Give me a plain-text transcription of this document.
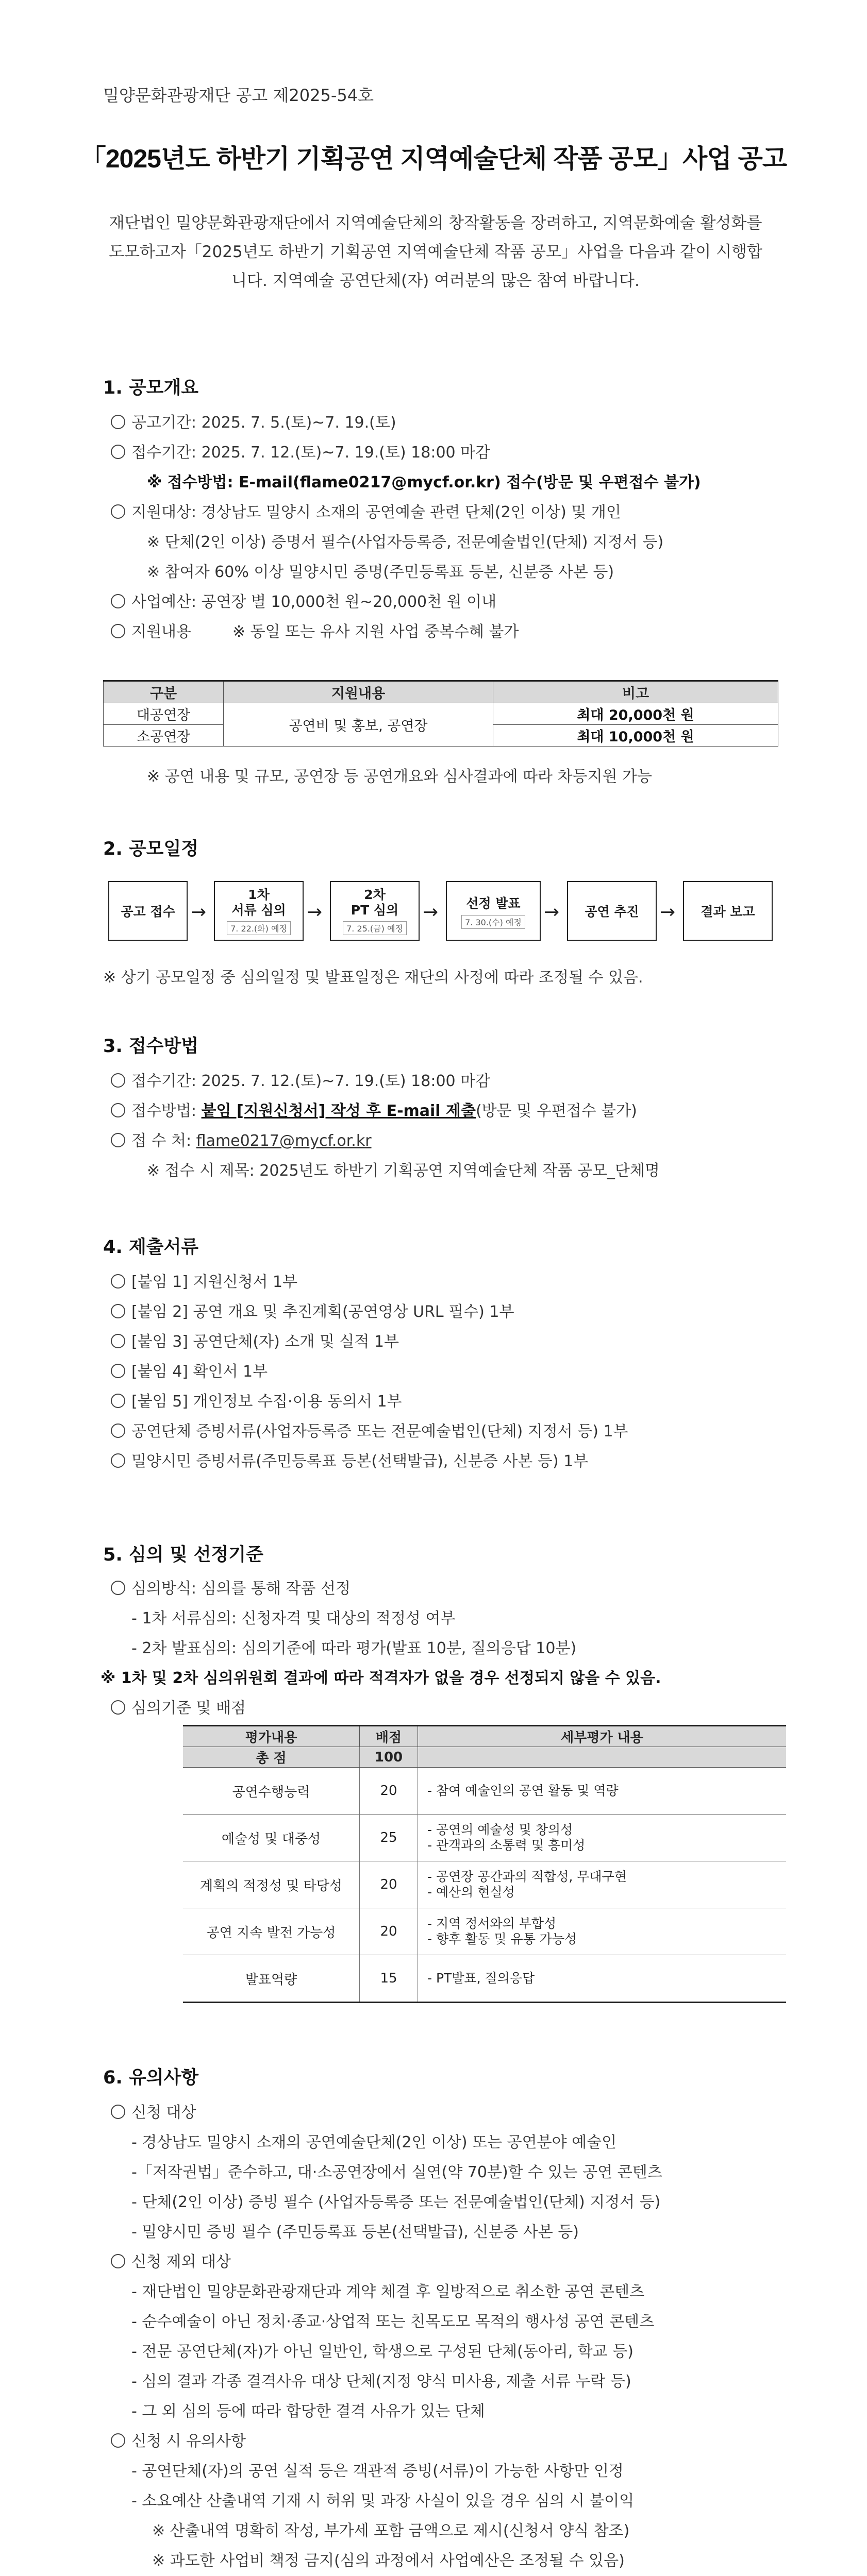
밀양문화관광재단 공고 제2025-54호
「2025년도 하반기 기획공연 지역예술단체 작품 공모」사업 공고
재단법인 밀양문화관광재단에서 지역예술단체의 창작활동을 장려하고, 지역문화예술 활성화를 도모하고자「2025년도 하반기 기획공연 지역예술단체 작품 공모」사업을 다음과 같이 시행합니다. 지역예술 공연단체(자) 여러분의 많은 참여 바랍니다.
1. 공모개요
공고기간: 2025. 7. 5.(토)~7. 19.(토)
접수기간: 2025. 7. 12.(토)~7. 19.(토) 18:00 마감
※ 접수방법: E-mail(flame0217@mycf.or.kr) 접수(방문 및 우편접수 불가)
지원대상: 경상남도 밀양시 소재의 공연예술 관련 단체(2인 이상) 및 개인
※ 단체(2인 이상) 증명서 필수(사업자등록증, 전문예술법인(단체) 지정서 등)
※ 참여자 60% 이상 밀양시민 증명(주민등록표 등본, 신분증 사본 등)
사업예산: 공연장 별 10,000천 원~20,000천 원 이내
지원내용	※ 동일 또는 유사 지원 사업 중복수혜 불가
구분	지원내용	비고
대공연장	공연비 및 홍보, 공연장	최대 20,000천 원
소공연장		최대 10,000천 원
※ 공연 내용 및 규모, 공연장 등 공연개요와 심사결과에 따라 차등지원 가능
2. 공모일정
공고 접수 →
1차
서류 심의
7. 22.(화) 예정
→
2차
PT 심의
7. 25.(금) 예정
→ 선정 발표
7. 30.(수) 예정 → 공연 추진 → 결과 보고
※ 상기 공모일정 중 심의일정 및 발표일정은 재단의 사정에 따라 조정될 수 있음.
3. 접수방법
접수기간: 2025. 7. 12.(토)~7. 19.(토) 18:00 마감
접수방법: 붙임 [지원신청서] 작성 후 E-mail 제출(방문 및 우편접수 불가)
접 수 처: flame0217@mycf.or.kr
※ 접수 시 제목: 2025년도 하반기 기획공연 지역예술단체 작품 공모_단체명
4. 제출서류
[붙임 1] 지원신청서 1부
[붙임 2] 공연 개요 및 추진계획(공연영상 URL 필수) 1부
[붙임 3] 공연단체(자) 소개 및 실적 1부
[붙임 4] 확인서 1부
[붙임 5] 개인정보 수집·이용 동의서 1부
공연단체 증빙서류(사업자등록증 또는 전문예술법인(단체) 지정서 등) 1부
밀양시민 증빙서류(주민등록표 등본(선택발급), 신분증 사본 등) 1부
5. 심의 및 선정기준
심의방식: 심의를 통해 작품 선정
- 1차 서류심의: 신청자격 및 대상의 적정성 여부
- 2차 발표심의: 심의기준에 따라 평가(발표 10분, 질의응답 10분)
※ 1차 및 2차 심의위원회 결과에 따라 적격자가 없을 경우 선정되지 않을 수 있음.
심의기준 및 배점
평가내용	배점	세부평가 내용
총 점	100	
공연수행능력	20	- 참여 예술인의 공연 활동 및 역량

예술성 및 대중성	25	- 공연의 예술성 및 창의성
- 관객과의 소통력 및 흥미성

계획의 적정성 및 타당성	20	- 공연장 공간과의 적합성, 무대구현
- 예산의 현실성

공연 지속 발전 가능성	20	- 지역 정서와의 부합성
- 향후 활동 및 유통 가능성

발표역량	15	- PT발표, 질의응답
6. 유의사항
신청 대상
- 경상남도 밀양시 소재의 공연예술단체(2인 이상) 또는 공연분야 예술인
-「저작권법」준수하고, 대·소공연장에서 실연(약 70분)할 수 있는 공연 콘텐츠
- 단체(2인 이상) 증빙 필수 (사업자등록증 또는 전문예술법인(단체) 지정서 등)
- 밀양시민 증빙 필수 (주민등록표 등본(선택발급), 신분증 사본 등)
신청 제외 대상
- 재단법인 밀양문화관광재단과 계약 체결 후 일방적으로 취소한 공연 콘텐츠
- 순수예술이 아닌 정치·종교·상업적 또는 친목도모 목적의 행사성 공연 콘텐츠
- 전문 공연단체(자)가 아닌 일반인, 학생으로 구성된 단체(동아리, 학교 등)
- 심의 결과 각종 결격사유 대상 단체(지정 양식 미사용, 제출 서류 누락 등)
- 그 외 심의 등에 따라 합당한 결격 사유가 있는 단체
신청 시 유의사항
- 공연단체(자)의 공연 실적 등은 객관적 증빙(서류)이 가능한 사항만 인정
- 소요예산 산출내역 기재 시 허위 및 과장 사실이 있을 경우 심의 시 불이익
※ 산출내역 명확히 작성, 부가세 포함 금액으로 제시(신청서 양식 참조)
※ 과도한 사업비 책정 금지(심의 과정에서 사업예산은 조정될 수 있음)
